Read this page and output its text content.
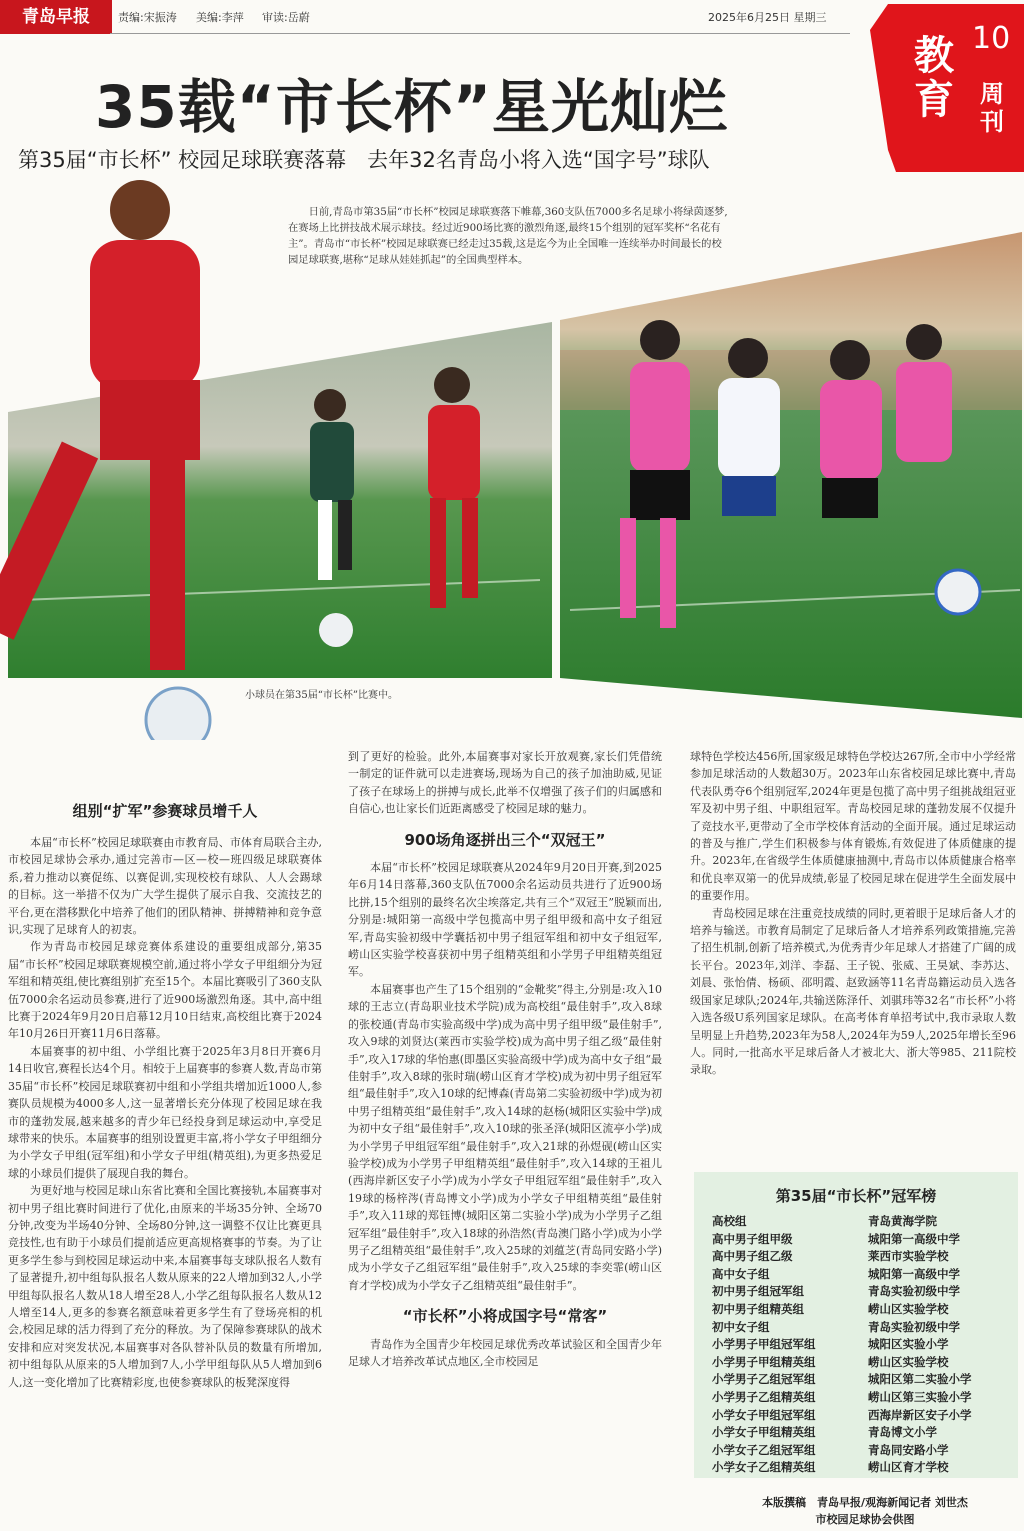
青岛早报	责编:宋振涛 美编:李萍 审读:岳蔚	2025年6月25日 星期三
教育
10
周刊
35载“市长杯”星光灿烂
第35届“市长杯” 校园足球联赛落幕　去年32名青岛小将入选“国字号”球队
日前,青岛市第35届“市长杯”校园足球联赛落下帷幕,360支队伍7000多名足球小将绿茵逐梦,在赛场上比拼技战术展示球技。经过近900场比赛的激烈角逐,最终15个组别的冠军奖杯“名花有主”。青岛市“市长杯”校园足球联赛已经走过35载,这是迄今为止全国唯一连续举办时间最长的校园足球联赛,堪称“足球从娃娃抓起”的全国典型样本。
小球员在第35届“市长杯”比赛中。
组别“扩军”参赛球员增千人

本届“市长杯”校园足球联赛由市教育局、市体育局联合主办,市校园足球协会承办,通过完善市—区—校—班四级足球联赛体系,着力推动以赛促练、以赛促训,实现校校有球队、人人会踢球的目标。这一举措不仅为广大学生提供了展示自我、交流技艺的平台,更在潜移默化中培养了他们的团队精神、拼搏精神和竞争意识,实现了足球育人的初衷。

作为青岛市校园足球竞赛体系建设的重要组成部分,第35届“市长杯”校园足球联赛规模空前,通过将小学女子甲组细分为冠军组和精英组,使比赛组别扩充至15个。本届比赛吸引了360支队伍7000余名运动员参赛,进行了近900场激烈角逐。其中,高中组比赛于2024年9月20日启幕12月10日结束,高校组比赛于2024年10月26日开赛11月6日落幕。

本届赛事的初中组、小学组比赛于2025年3月8日开赛6月14日收官,赛程长达4个月。相较于上届赛事的参赛人数,青岛市第35届“市长杯”校园足球联赛初中组和小学组共增加近1000人,参赛队员规模为4000多人,这一显著增长充分体现了校园足球在我市的蓬勃发展,越来越多的青少年已经投身到足球运动中,享受足球带来的快乐。本届赛事的组别设置更丰富,将小学女子甲组细分为小学女子甲组(冠军组)和小学女子甲组(精英组),为更多热爱足球的小球员们提供了展现自我的舞台。

为更好地与校园足球山东省比赛和全国比赛接轨,本届赛事对初中男子组比赛时间进行了优化,由原来的半场35分钟、全场70分钟,改变为半场40分钟、全场80分钟,这一调整不仅让比赛更具竞技性,也有助于小球员们提前适应更高规格赛事的节奏。为了让更多学生参与到校园足球运动中来,本届赛事每支球队报名人数有了显著提升,初中组每队报名人数从原来的22人增加到32人,小学甲组每队报名人数从18人增至28人,小学乙组每队报名人数从12人增至14人,更多的参赛名额意味着更多学生有了登场亮相的机会,校园足球的活力得到了充分的释放。为了保障参赛球队的战术安排和应对突发状况,本届赛事对各队替补队员的数量有所增加,初中组每队从原来的5人增加到7人,小学甲组每队从5人增加到6人,这一变化增加了比赛精彩度,也使参赛球队的板凳深度得

到了更好的检验。此外,本届赛事对家长开放观赛,家长们凭借统一制定的证件就可以走进赛场,现场为自己的孩子加油助威,见证了孩子在球场上的拼搏与成长,此举不仅增强了孩子们的归属感和自信心,也让家长们近距离感受了校园足球的魅力。

900场角逐拼出三个“双冠王”

本届“市长杯”校园足球联赛从2024年9月20日开赛,到2025年6月14日落幕,360支队伍7000余名运动员共进行了近900场比拼,15个组别的最终名次尘埃落定,共有三个“双冠王”脱颖而出,分别是:城阳第一高级中学包揽高中男子组甲级和高中女子组冠军,青岛实验初级中学囊括初中男子组冠军组和初中女子组冠军,崂山区实验学校喜获初中男子组精英组和小学男子甲组精英组冠军。

本届赛事也产生了15个组别的“金靴奖”得主,分别是:攻入10球的王志立(青岛职业技术学院)成为高校组“最佳射手”,攻入8球的张校通(青岛市实验高级中学)成为高中男子组甲级“最佳射手”,攻入9球的刘贤达(莱西市实验学校)成为高中男子组乙级“最佳射手”,攻入17球的华怡惠(即墨区实验高级中学)成为高中女子组“最佳射手”,攻入8球的张时瑞(崂山区育才学校)成为初中男子组冠军组“最佳射手”,攻入10球的纪博森(青岛第二实验初级中学)成为初中男子组精英组“最佳射手”,攻入14球的赵杨(城阳区实验中学)成为初中女子组“最佳射手”,攻入10球的张圣泽(城阳区流亭小学)成为小学男子甲组冠军组“最佳射手”,攻入21球的孙煜砚(崂山区实验学校)成为小学男子甲组精英组“最佳射手”,攻入14球的王祖儿(西海岸新区安子小学)成为小学女子甲组冠军组“最佳射手”,攻入19球的杨梓涔(青岛博文小学)成为小学女子甲组精英组“最佳射手”,攻入11球的郑钰博(城阳区第二实验小学)成为小学男子乙组冠军组“最佳射手”,攻入18球的孙浩然(青岛澳门路小学)成为小学男子乙组精英组“最佳射手”,攻入25球的刘蕴芝(青岛同安路小学)成为小学女子乙组冠军组“最佳射手”,攻入25球的李奕霏(崂山区育才学校)成为小学女子乙组精英组“最佳射手”。

“市长杯”小将成国字号“常客”

青岛作为全国青少年校园足球优秀改革试验区和全国青少年足球人才培养改革试点地区,全市校园足

球特色学校达456所,国家级足球特色学校达267所,全市中小学经常参加足球活动的人数超30万。2023年山东省校园足球比赛中,青岛代表队勇夺6个组别冠军,2024年更是包揽了高中男子组挑战组冠亚军及初中男子组、中职组冠军。青岛校园足球的蓬勃发展不仅提升了竞技水平,更带动了全市学校体育活动的全面开展。通过足球运动的普及与推广,学生们积极参与体育锻炼,有效促进了体质健康的提升。2023年,在省级学生体质健康抽测中,青岛市以体质健康合格率和优良率双第一的优异成绩,彰显了校园足球在促进学生全面发展中的重要作用。

青岛校园足球在注重竞技成绩的同时,更着眼于足球后备人才的培养与输送。市教育局制定了足球后备人才培养系列政策措施,完善了招生机制,创新了培养模式,为优秀青少年足球人才搭建了广阔的成长平台。2023年,刘洋、李磊、王子锐、张威、王昊斌、李苏达、刘晨、张怡倩、杨硕、邵明霞、赵致涵等11名青岛籍运动员入选各级国家足球队;2024年,共输送陈泽仟、刘骐玮等32名“市长杯”小将入选各级U系列国家足球队。在高考体育单招考试中,我市录取人数呈明显上升趋势,2023年为58人,2024年为59人,2025年增长至96人。同时,一批高水平足球后备人才被北大、浙大等985、211院校录取。

第35届“市长杯”冠军榜
高校组	青岛黄海学院
高中男子组甲级	城阳第一高级中学
高中男子组乙级	莱西市实验学校
高中女子组	城阳第一高级中学
初中男子组冠军组	青岛实验初级中学
初中男子组精英组	崂山区实验学校
初中女子组	青岛实验初级中学
小学男子甲组冠军组	城阳区实验小学
小学男子甲组精英组	崂山区实验学校
小学男子乙组冠军组	城阳区第二实验小学
小学男子乙组精英组	崂山区第三实验小学
小学女子甲组冠军组	西海岸新区安子小学
小学女子甲组精英组	青岛博文小学
小学女子乙组冠军组	青岛同安路小学
小学女子乙组精英组	崂山区育才学校
本版撰稿　青岛早报/观海新闻记者 刘世杰
市校园足球协会供图
